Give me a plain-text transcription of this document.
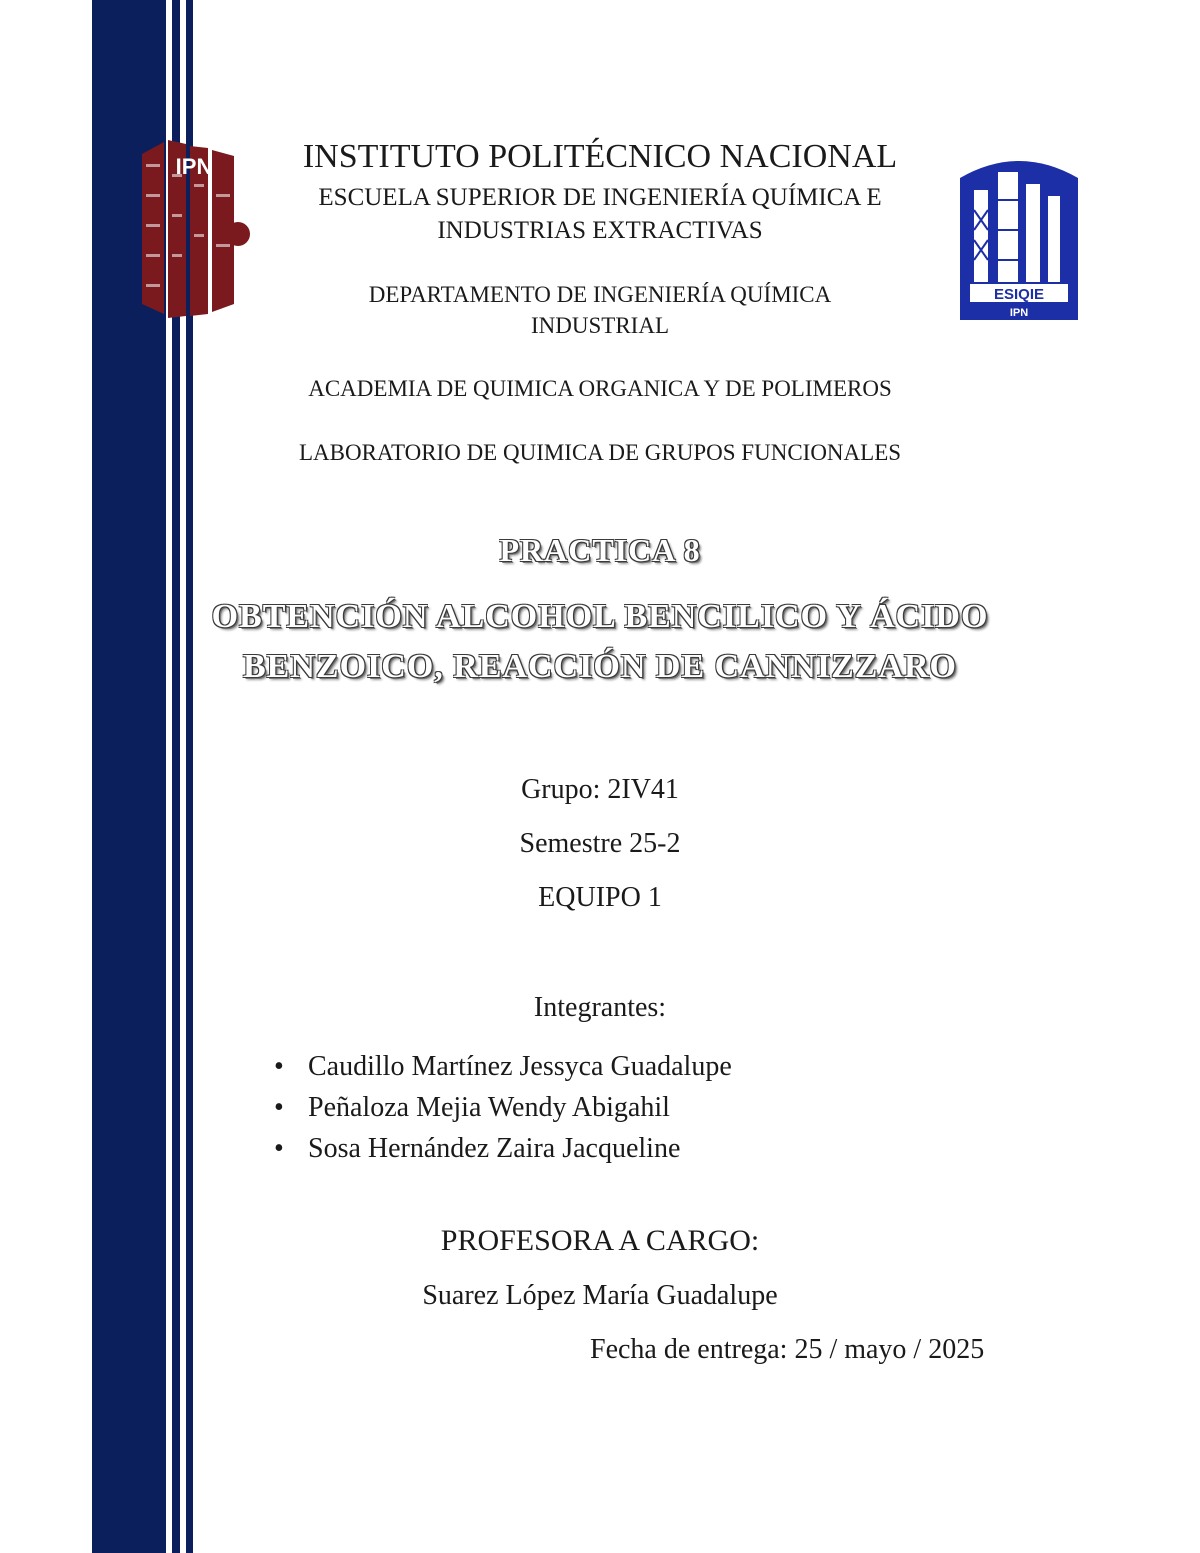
IPN
ESIQIE
IPN
INSTITUTO POLITÉCNICO NACIONAL
ESCUELA SUPERIOR DE INGENIERÍA QUÍMICA E
INDUSTRIAS EXTRACTIVAS
DEPARTAMENTO DE INGENIERÍA QUÍMICA
INDUSTRIAL
ACADEMIA DE QUIMICA ORGANICA Y DE POLIMEROS
LABORATORIO DE QUIMICA DE GRUPOS FUNCIONALES
PRACTICA 8
OBTENCIÓN ALCOHOL BENCILICO Y ÁCIDO
BENZOICO, REACCIÓN DE CANNIZZARO
Grupo: 2IV41
Semestre 25-2
EQUIPO 1
Integrantes:
• Caudillo Martínez Jessyca Guadalupe
• Peñaloza Mejia Wendy Abigahil
• Sosa Hernández Zaira Jacqueline
PROFESORA A CARGO:
Suarez López María Guadalupe
Fecha de entrega: 25 / mayo / 2025
